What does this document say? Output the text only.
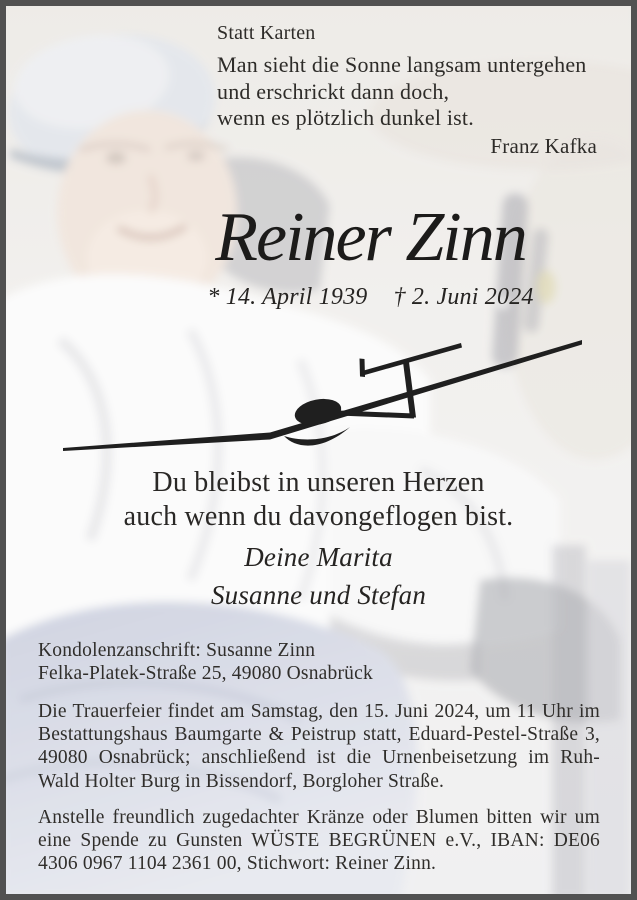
Statt Karten
Man sieht die Sonne langsam untergehen
und erschrickt dann doch,
wenn es plötzlich dunkel ist.
Franz Kafka
Reiner Zinn
* 14. April 1939 † 2. Juni 2024
Du bleibst in unseren Herzen
auch wenn du davongeflogen bist.
Deine Marita
Susanne und Stefan
Kondolenzanschrift: Susanne Zinn
Felka-Platek-Straße 25, 49080 Osnabrück
Die Trauerfeier findet am Samstag, den 15. Juni 2024, um 11 Uhr im Bestattungshaus Baumgarte & Peistrup statt, Eduard-Pestel-Straße 3, 49080 Osnabrück; anschließend ist die Urnenbeisetzung im Ruh-Wald Holter Burg in Bissendorf, Borgloher Straße.
Anstelle freundlich zugedachter Kränze oder Blumen bitten wir um eine Spende zu Gunsten WÜSTE BEGRÜNEN e.V., IBAN: DE06 4306 0967 1104 2361 00, Stichwort: Reiner Zinn.
